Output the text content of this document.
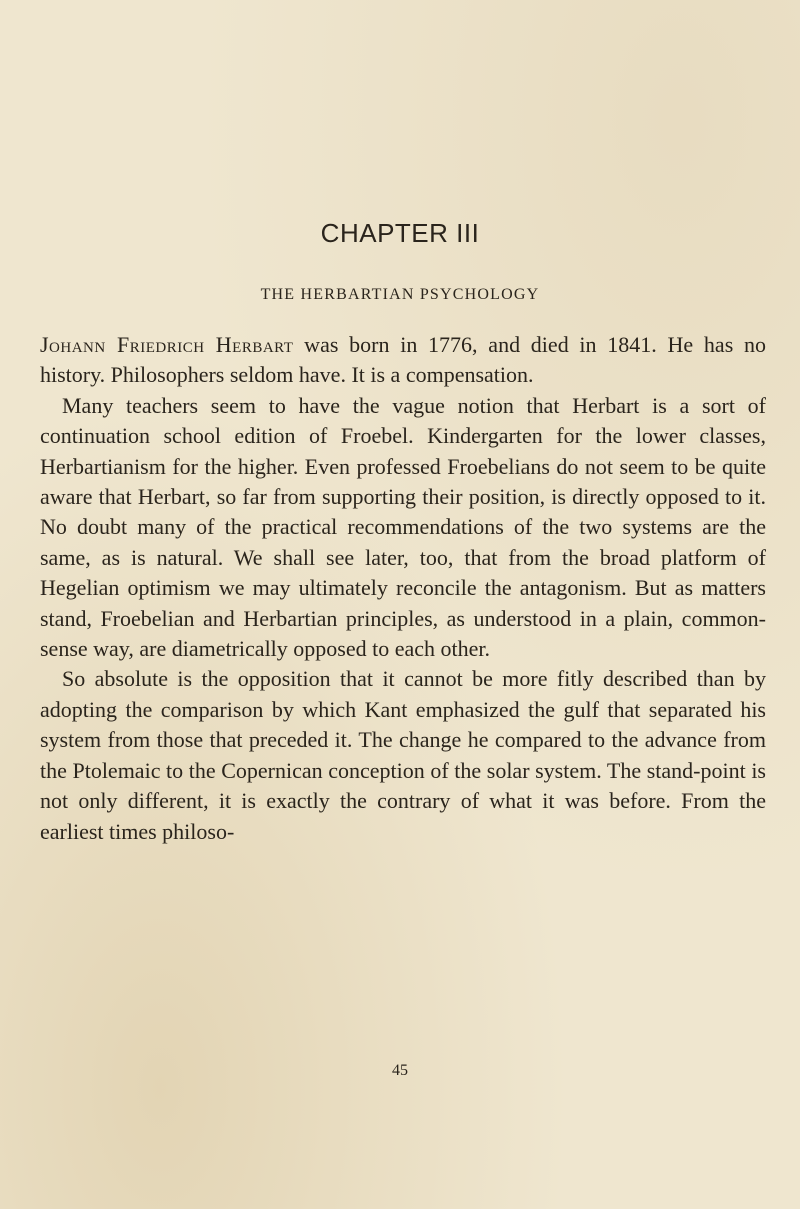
CHAPTER III
THE HERBARTIAN PSYCHOLOGY

Johann Friedrich Herbart was born in 1776, and died in 1841. He has no history. Philosophers seldom have. It is a compensation.

Many teachers seem to have the vague notion that Herbart is a sort of continuation school edition of Froebel. Kindergarten for the lower classes, Herbartianism for the higher. Even professed Froebelians do not seem to be quite aware that Herbart, so far from supporting their position, is directly opposed to it. No doubt many of the practical recommendations of the two systems are the same, as is natural. We shall see later, too, that from the broad platform of Hegelian optimism we may ultimately reconcile the antagonism. But as matters stand, Froebelian and Herbartian principles, as understood in a plain, common-sense way, are diametrically opposed to each other.

So absolute is the opposition that it cannot be more fitly described than by adopting the comparison by which Kant emphasized the gulf that separated his system from those that preceded it. The change he compared to the advance from the Ptolemaic to the Copernican conception of the solar system. The stand-point is not only different, it is exactly the contrary of what it was before. From the earliest times philoso-

45
